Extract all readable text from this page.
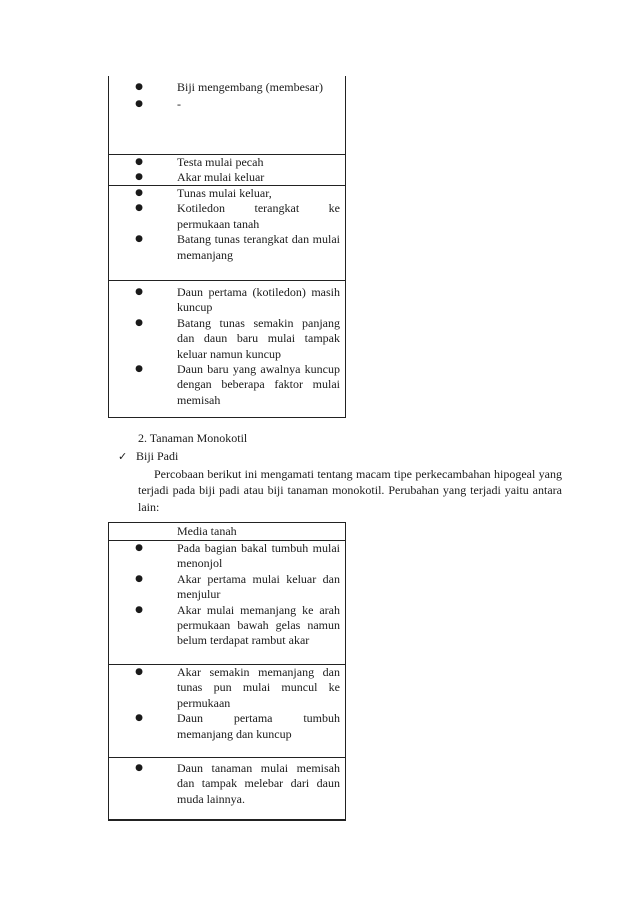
●	Biji mengembang (membesar)
●	-
●	Testa mulai pecah
●	Akar mulai keluar
●	Tunas mulai keluar,
●	Kotiledon terangkat ke permukaan tanah
●	Batang tunas terangkat dan mulai memanjang
●	Daun pertama (kotiledon) masih kuncup
●	Batang tunas semakin panjang dan daun baru mulai tampak keluar namun kuncup
●	Daun baru yang awalnya kuncup dengan beberapa faktor mulai memisah
2. Tanaman Monokotil
✓ Biji Padi
Percobaan berikut ini mengamati tentang macam tipe perkecambahan hipogeal yang terjadi pada biji padi atau biji tanaman monokotil. Perubahan yang terjadi yaitu antara lain:
Media tanah
●	Pada bagian bakal tumbuh mulai menonjol
●	Akar pertama mulai keluar dan menjulur
●	Akar mulai memanjang ke arah permukaan bawah gelas namun belum terdapat rambut akar
●	Akar semakin memanjang dan tunas pun mulai muncul ke permukaan
●	Daun pertama tumbuh memanjang dan kuncup
●	Daun tanaman mulai memisah dan tampak melebar dari daun muda lainnya.
